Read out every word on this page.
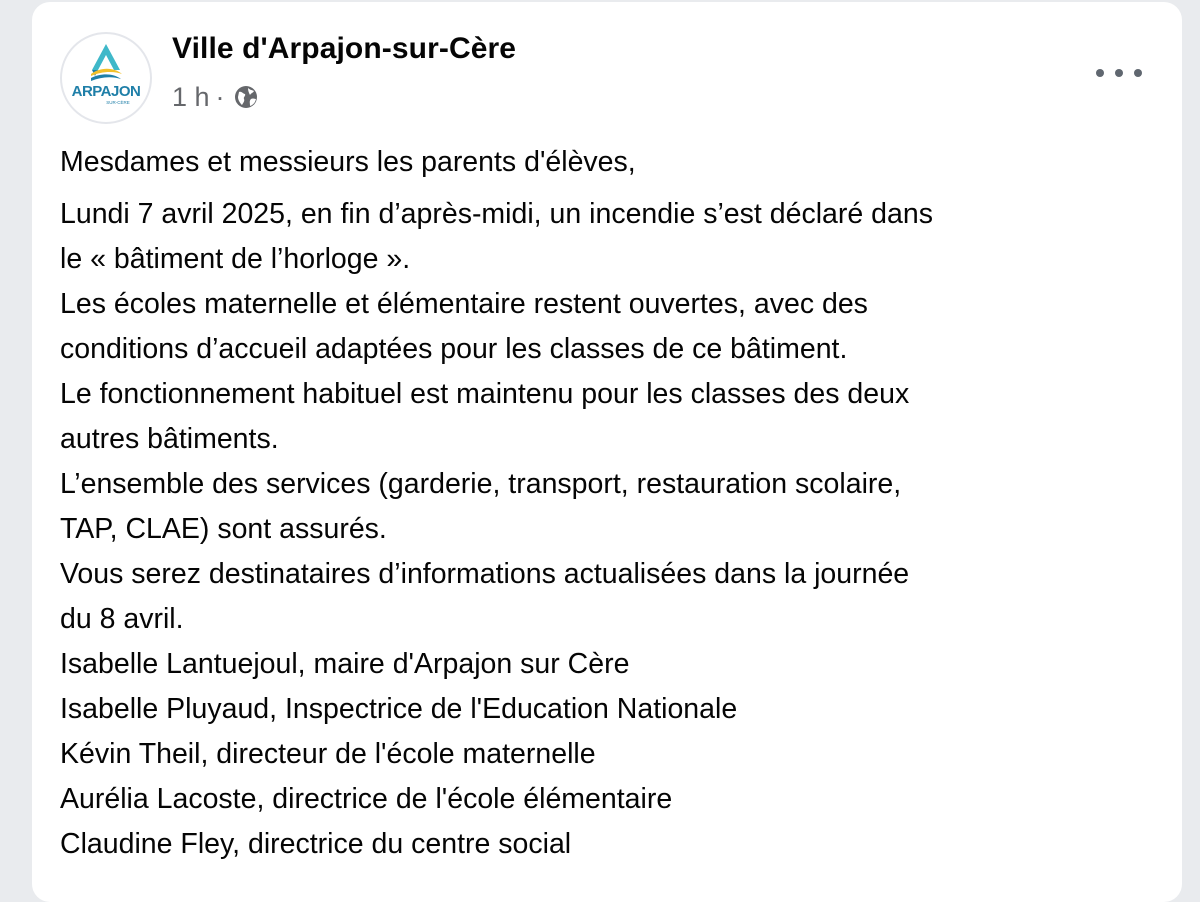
ARPAJON
SUR-CÈRE
Ville d'Arpajon-sur-Cère
1 h ·

Mesdames et messieurs les parents d'élèves,

Lundi 7 avril 2025, en fin d’après-midi, un incendie s’est déclaré dans

le « bâtiment de l’horloge ».

Les écoles maternelle et élémentaire restent ouvertes, avec des

conditions d’accueil adaptées pour les classes de ce bâtiment.

Le fonctionnement habituel est maintenu pour les classes des deux

autres bâtiments.

L’ensemble des services (garderie, transport, restauration scolaire,

TAP, CLAE) sont assurés.

Vous serez destinataires d’informations actualisées dans la journée

du 8 avril.

Isabelle Lantuejoul, maire d'Arpajon sur Cère

Isabelle Pluyaud, Inspectrice de l'Education Nationale

Kévin Theil, directeur de l'école maternelle

Aurélia Lacoste, directrice de l'école élémentaire

Claudine Fley, directrice du centre social
